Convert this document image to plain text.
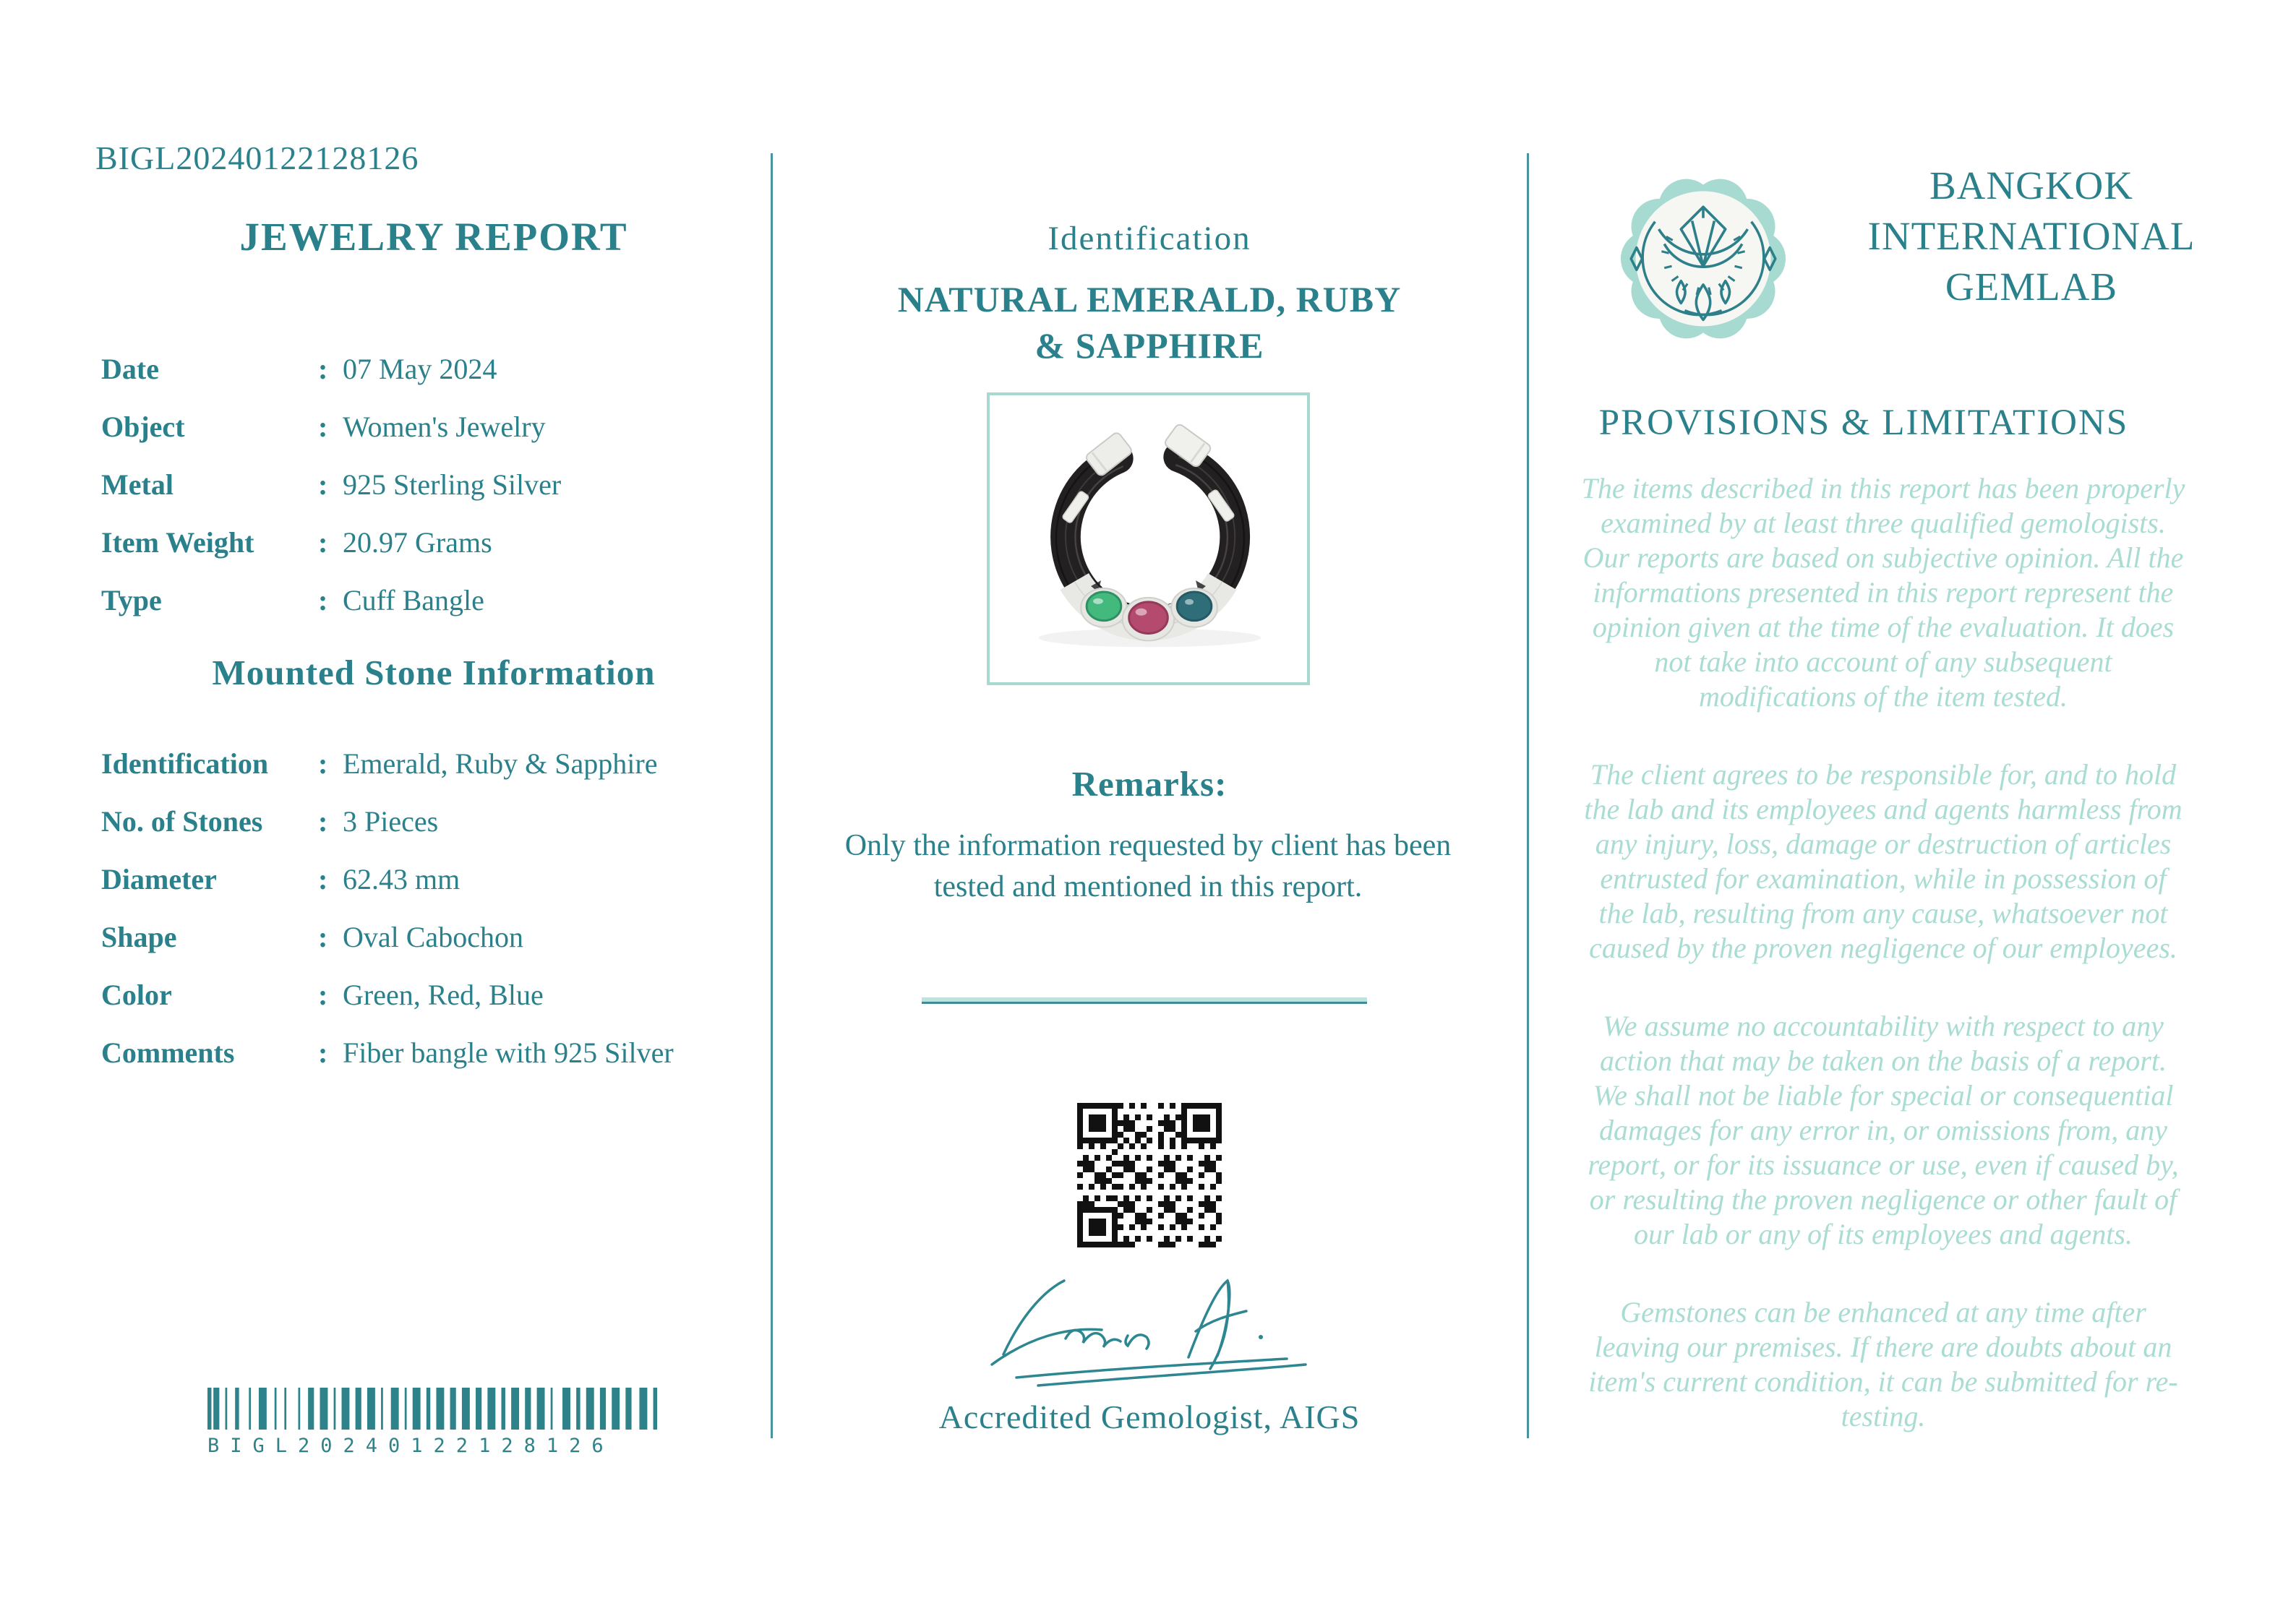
BIGL20240122128126
JEWELRY REPORT
Date	: 07 May 2024
Object	: Women's Jewelry
Metal	: 925 Sterling Silver
Item Weight	: 20.97 Grams
Type	: Cuff Bangle
Mounted Stone Information
Identification	: Emerald, Ruby & Sapphire
No. of Stones	: 3 Pieces
Diameter	: 62.43 mm
Shape	: Oval Cabochon
Color	: Green, Red, Blue
Comments	: Fiber bangle with 925 Silver
BIGL20240122128126
Identification
NATURAL EMERALD, RUBY
& SAPPHIRE
Remarks:
Only the information requested by client has been tested and mentioned in this report.
Accredited Gemologist, AIGS
BANGKOK
INTERNATIONAL
GEMLAB
PROVISIONS & LIMITATIONS

The items described in this report has been properly examined by at least three qualified gemologists. Our reports are based on subjective opinion. All the informations presented in this report represent the opinion given at the time of the evaluation. It does not take into account of any subsequent modifications of the item tested.

The client agrees to be responsible for, and to hold the lab and its employees and agents harmless from any injury, loss, damage or destruction of articles entrusted for examination, while in possession of the lab, resulting from any cause, whatsoever not caused by the proven negligence of our employees.

We assume no accountability with respect to any action that may be taken on the basis of a report. We shall not be liable for special or consequential damages for any error in, or omissions from, any report, or for its issuance or use, even if caused by, or resulting the proven negligence or other fault of our lab or any of its employees and agents.

Gemstones can be enhanced at any time after leaving our premises. If there are doubts about an item's current condition, it can be submitted for re-testing.
